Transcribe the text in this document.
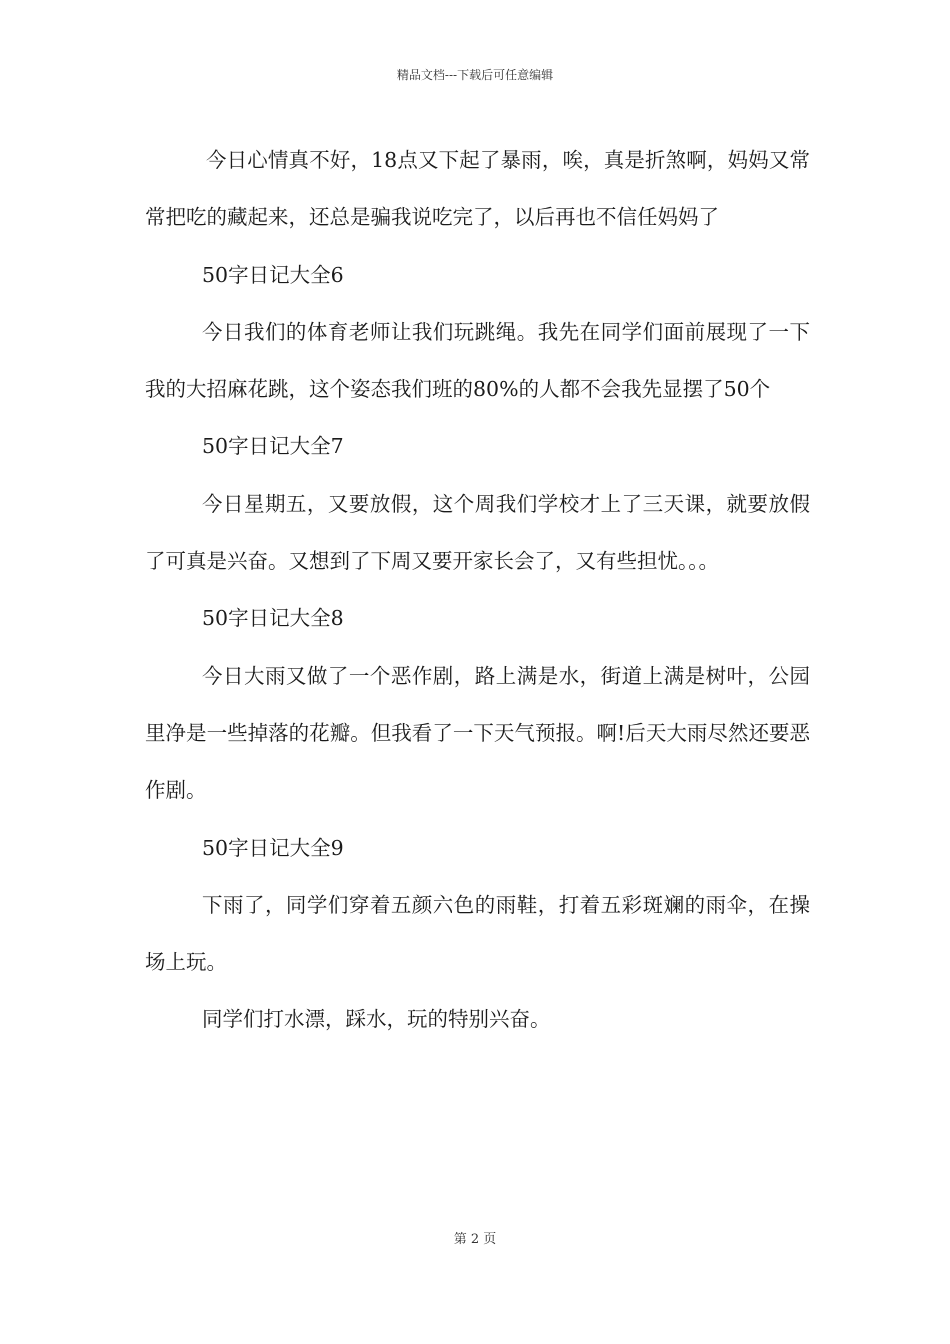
精品文档---下载后可任意编辑

今日心情真不好，18点又下起了暴雨，唉，真是折煞啊，妈妈又常常把吃的藏起来，还总是骗我说吃完了，以后再也不信任妈妈了

50字日记大全6

今日我们的体育老师让我们玩跳绳。我先在同学们面前展现了一下我的大招麻花跳，这个姿态我们班的80%的人都不会我先显摆了50个

50字日记大全7

今日星期五，又要放假，这个周我们学校才上了三天课，就要放假了可真是兴奋。又想到了下周又要开家长会了，又有些担忧。。。

50字日记大全8

今日大雨又做了一个恶作剧，路上满是水，街道上满是树叶，公园里净是一些掉落的花瓣。但我看了一下天气预报。啊!后天大雨尽然还要恶作剧。

50字日记大全9

下雨了，同学们穿着五颜六色的雨鞋，打着五彩斑斓的雨伞，在操场上玩。

同学们打水漂，踩水，玩的特别兴奋。

第 2 页
